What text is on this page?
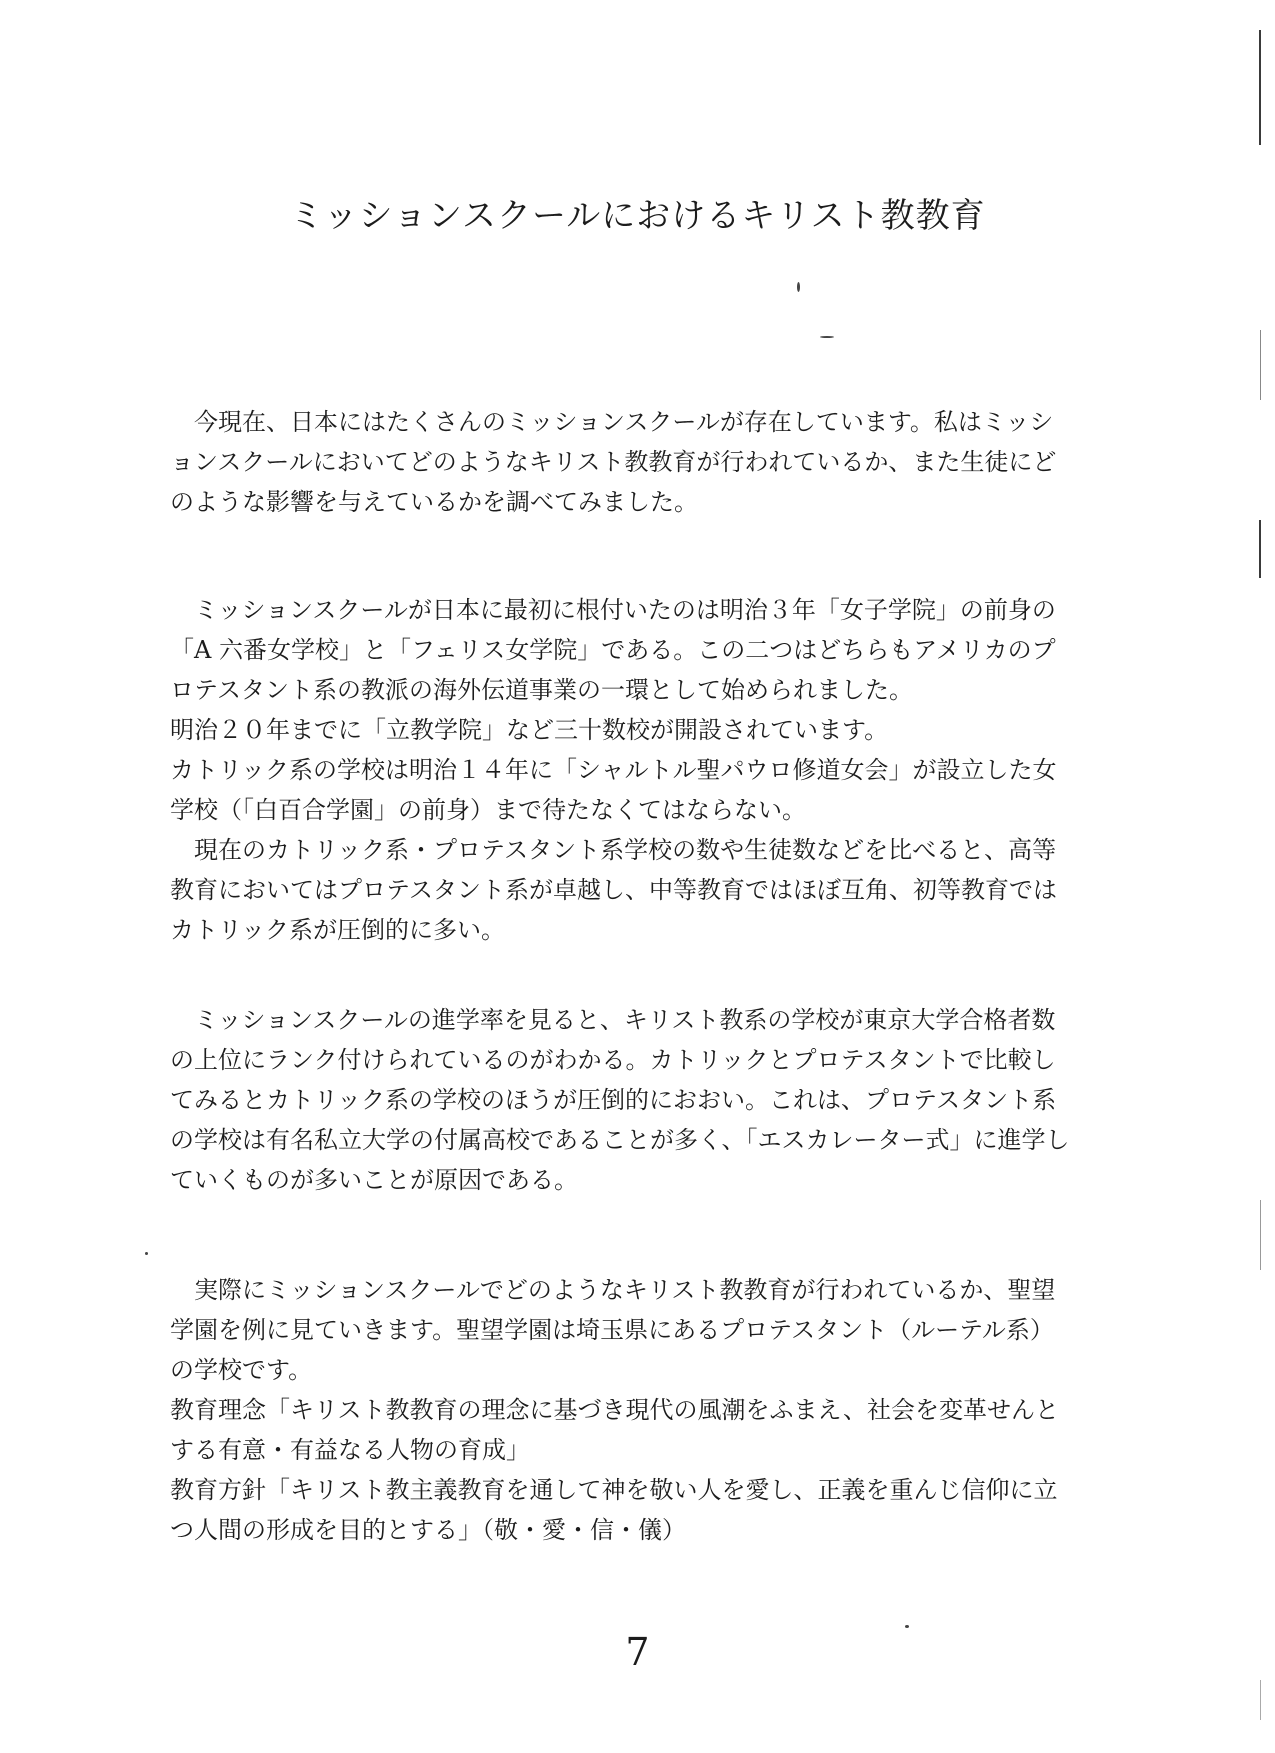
ミッションスクールにおけるキリスト教教育

今現在、日本にはたくさんのミッションスクールが存在しています。私はミッションスクールにおいてどのようなキリスト教教育が行われているか、また生徒にどのような影響を与えているかを調べてみました。

ミッションスクールが日本に最初に根付いたのは明治３年「女子学院」の前身の「A 六番女学校」と「フェリス女学院」である。この二つはどちらもアメリカのプロテスタント系の教派の海外伝道事業の一環として始められました。

明治２０年までに「立教学院」など三十数校が開設されています。

カトリック系の学校は明治１４年に「シャルトル聖パウロ修道女会」が設立した女学校（「白百合学園」の前身）まで待たなくてはならない。

現在のカトリック系・プロテスタント系学校の数や生徒数などを比べると、高等教育においてはプロテスタント系が卓越し、中等教育ではほぼ互角、初等教育ではカトリック系が圧倒的に多い。

ミッションスクールの進学率を見ると、キリスト教系の学校が東京大学合格者数の上位にランク付けられているのがわかる。カトリックとプロテスタントで比較してみるとカトリック系の学校のほうが圧倒的におおい。これは、プロテスタント系の学校は有名私立大学の付属高校であることが多く、「エスカレーター式」に進学していくものが多いことが原因である。

実際にミッションスクールでどのようなキリスト教教育が行われているか、聖望学園を例に見ていきます。聖望学園は埼玉県にあるプロテスタント（ルーテル系）の学校です。

教育理念「キリスト教教育の理念に基づき現代の風潮をふまえ、社会を変革せんとする有意・有益なる人物の育成」

教育方針「キリスト教主義教育を通して神を敬い人を愛し、正義を重んじ信仰に立つ人間の形成を目的とする」（敬・愛・信・儀）

7
